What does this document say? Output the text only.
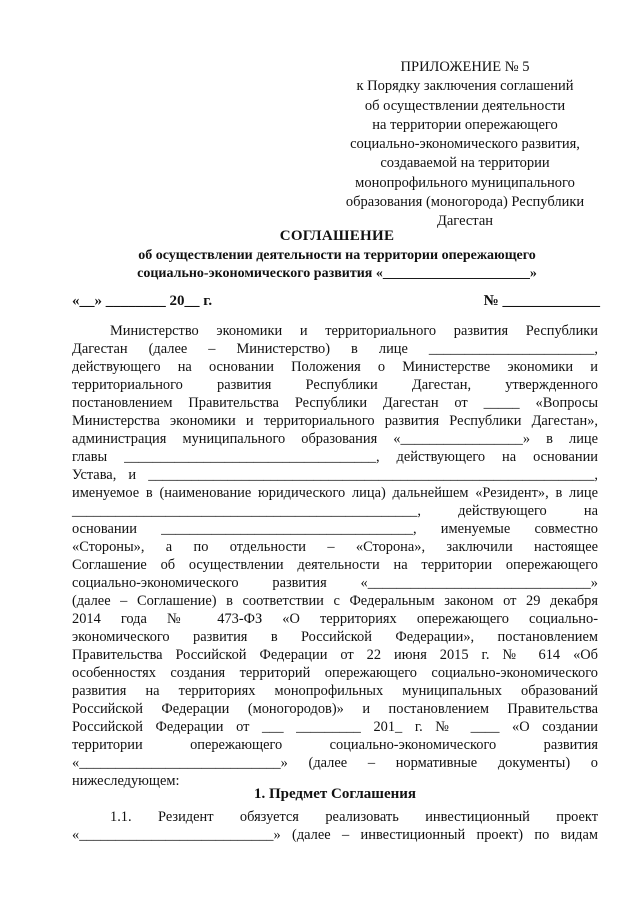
ПРИЛОЖЕНИЕ № 5
к Порядку заключения соглашений
об осуществлении деятельности
на территории опережающего
социально-экономического развития,
создаваемой на территории
монопрофильного муниципального
образования (моногорода) Республики
Дагестан
СОГЛАШЕНИЕ
об осуществлении деятельности на территории опережающего
социально-экономического развития «_____________________»
«__» ________ 20__ г.	№ _____________
Министерство экономики и территориального развития Республики
Дагестан (далее – Министерство) в лице _______________________,
действующего на основании Положения о Министерстве экономики и
территориального развития Республики Дагестан, утвержденного
постановлением Правительства Республики Дагестан от _____ «Вопросы
Министерства экономики и территориального развития Республики Дагестан»,
администрация муниципального образования «_________________» в лице
главы ___________________________________, действующего на основании
Устава, и ______________________________________________________________,
именуемое в (наименование юридического лица) дальнейшем «Резидент», в лице
________________________________________________, действующего на
основании ___________________________________, именуемые совместно
«Стороны», а по отдельности – «Сторона», заключили настоящее
Соглашение об осуществлении деятельности на территории опережающего
социально-экономического развития «_______________________________»
(далее – Соглашение) в соответствии с Федеральным законом от 29 декабря
2014 года № 473-ФЗ «О территориях опережающего социально-
экономического развития в Российской Федерации», постановлением
Правительства Российской Федерации от 22 июня 2015 г. № 614 «Об
особенностях создания территорий опережающего социально-экономического
развития на территориях монопрофильных муниципальных образований
Российской Федерации (моногородов)» и постановлением Правительства
Российской Федерации от ___ _________ 201_ г. № ____ «О создании
территории опережающего социально-экономического развития
«____________________________» (далее – нормативные документы) о
нижеследующем:
1. Предмет Соглашения
1.1. Резидент обязуется реализовать инвестиционный проект
«___________________________» (далее – инвестиционный проект) по видам
